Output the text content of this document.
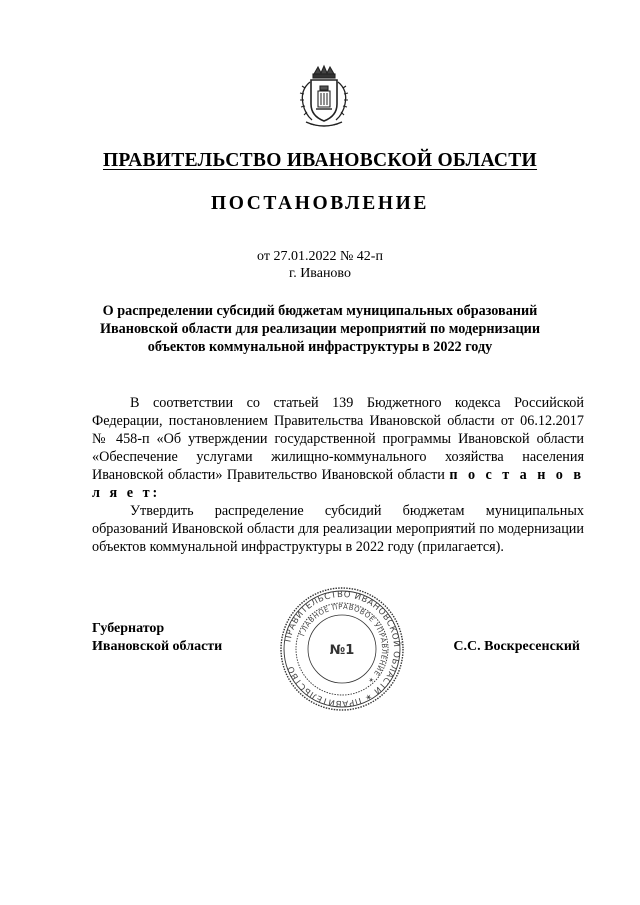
ПРАВИТЕЛЬСТВО ИВАНОВСКОЙ ОБЛАСТИ
ПОСТАНОВЛЕНИЕ
от 27.01.2022 № 42-п
г. Иваново
О распределении субсидий бюджетам муниципальных образований
Ивановской области для реализации мероприятий по модернизации
объектов коммунальной инфраструктуры в 2022 году

В соответствии со статьей 139 Бюджетного кодекса Российской Федерации, постановлением Правительства Ивановской области от 06.12.2017 № 458-п «Об утверждении государственной программы Ивановской области «Обеспечение услугами жилищно-коммунального хозяйства населения Ивановской области» Правительство Ивановской области п о с т а н о в л я е т:

Утвердить распределение субсидий бюджетам муниципальных образований Ивановской области для реализации мероприятий по модернизации объектов коммунальной инфраструктуры в 2022 году (прилагается).

Губернатор
Ивановской области	С.С. Воскресенский
ПРАВИТЕЛЬСТВО ИВАНОВСКОЙ ОБЛАСТИ ✶ ПРАВИТЕЛЬСТВО
ГЛАВНОЕ ПРАВОВОЕ УПРАВЛЕНИЕ ✶
№1
